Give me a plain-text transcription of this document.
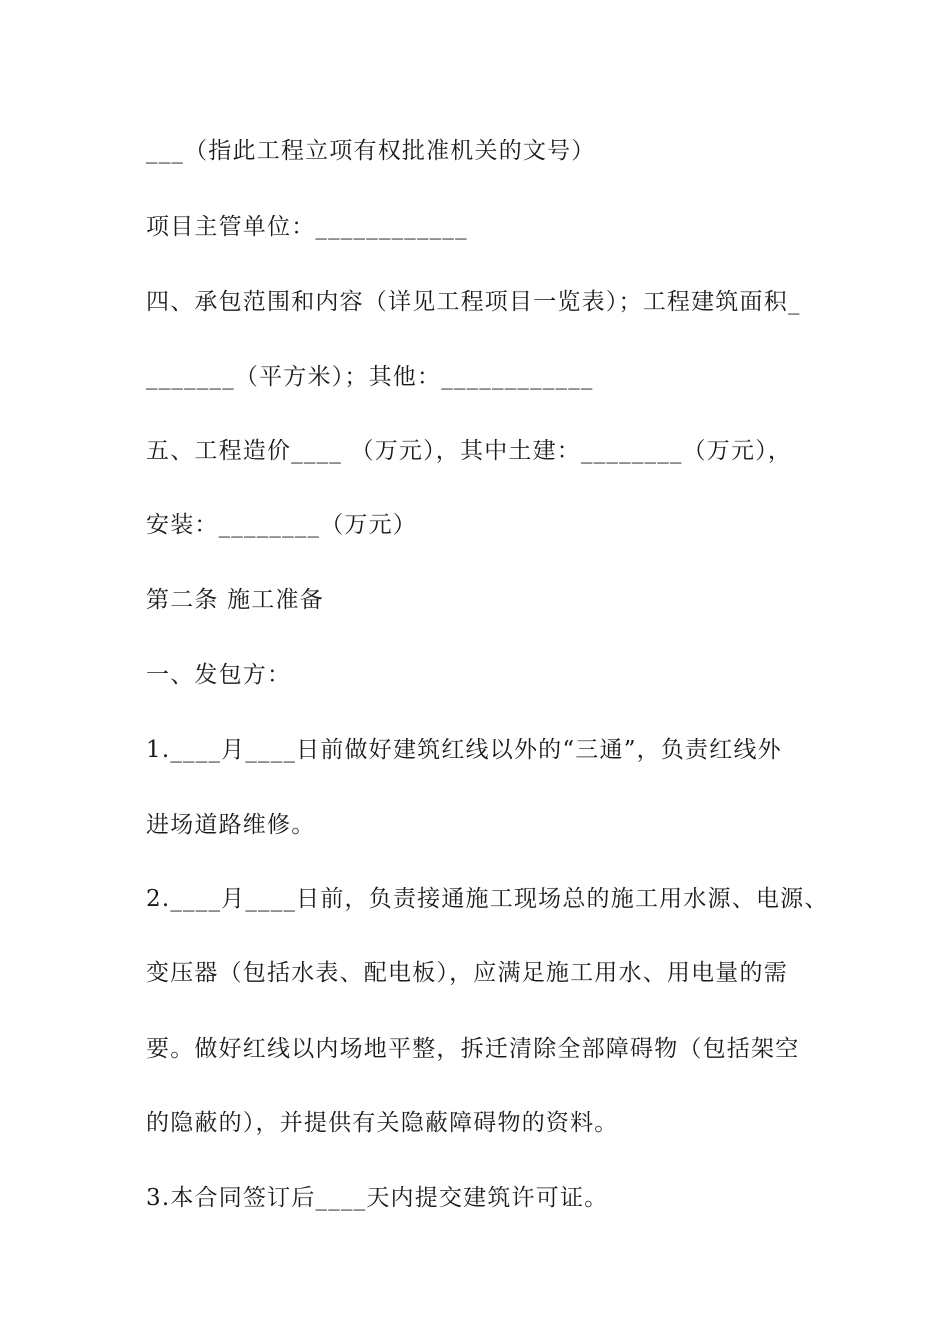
___（指此工程立项有权批准机关的文号）
项目主管单位：____________
四、承包范围和内容（详见工程项目一览表）；工程建筑面积_
_______（平方米）；其他：____________
五、工程造价____ （万元），其中土建：________（万元），
安装：________（万元）
第二条 施工准备
一、发包方：
1.____月____日前做好建筑红线以外的“三通”，负责红线外
进场道路维修。
2.____月____日前，负责接通施工现场总的施工用水源、电源、
变压器（包括水表、配电板），应满足施工用水、用电量的需
要。做好红线以内场地平整，拆迁清除全部障碍物（包括架空
的隐蔽的），并提供有关隐蔽障碍物的资料。
3.本合同签订后____天内提交建筑许可证。
